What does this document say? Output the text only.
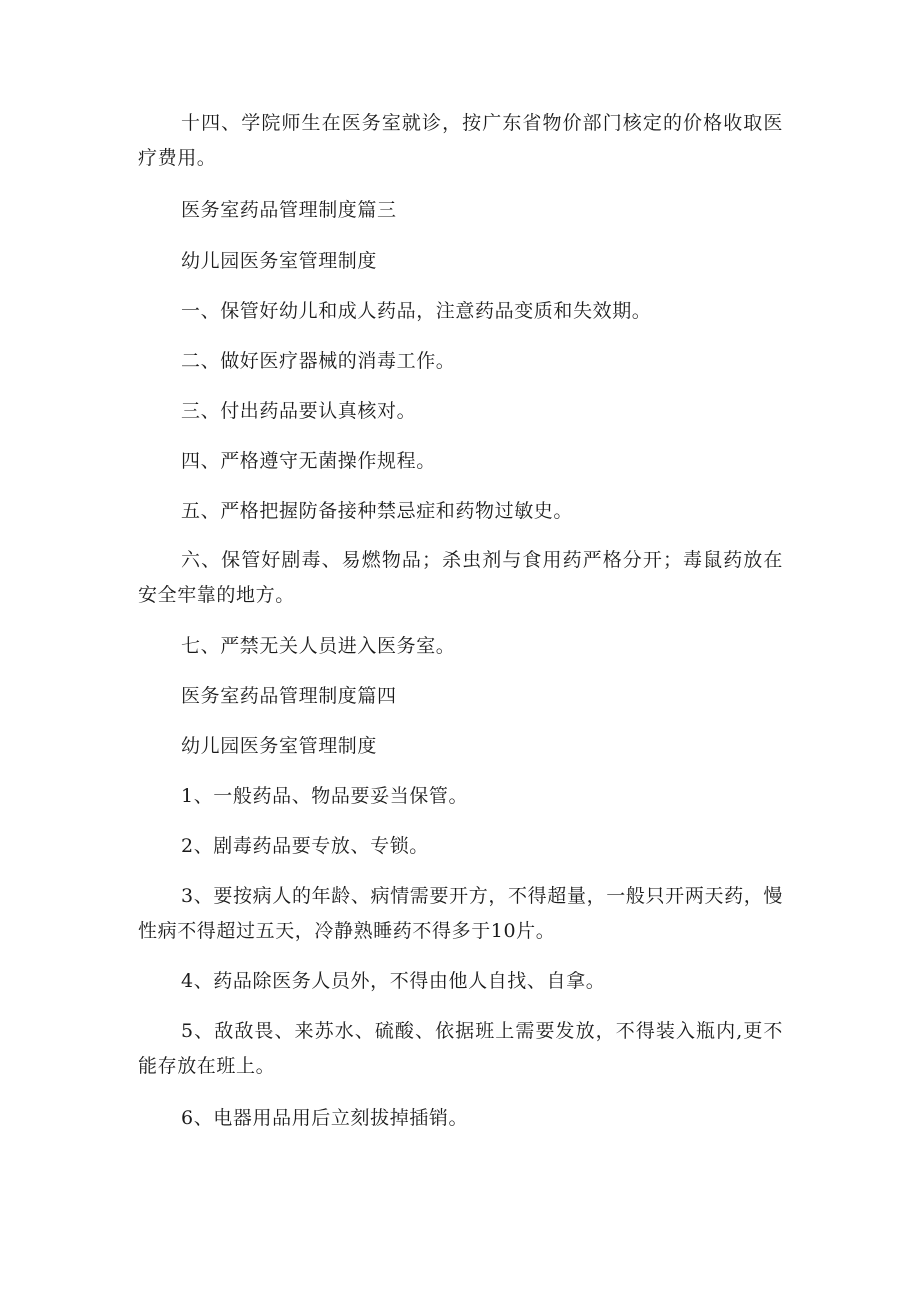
十四、学院师生在医务室就诊，按广东省物价部门核定的价格收取医疗费用。

医务室药品管理制度篇三

幼儿园医务室管理制度

一、保管好幼儿和成人药品，注意药品变质和失效期。

二、做好医疗器械的消毒工作。

三、付出药品要认真核对。

四、严格遵守无菌操作规程。

五、严格把握防备接种禁忌症和药物过敏史。

六、保管好剧毒、易燃物品；杀虫剂与食用药严格分开；毒鼠药放在安全牢靠的地方。

七、严禁无关人员进入医务室。

医务室药品管理制度篇四

幼儿园医务室管理制度

1、一般药品、物品要妥当保管。

2、剧毒药品要专放、专锁。

3、要按病人的年龄、病情需要开方，不得超量，一般只开两天药，慢性病不得超过五天，冷静熟睡药不得多于10片。

4、药品除医务人员外，不得由他人自找、自拿。

5、敌敌畏、来苏水、硫酸、依据班上需要发放，不得装入瓶内,更不能存放在班上。

6、电器用品用后立刻拔掉插销。
